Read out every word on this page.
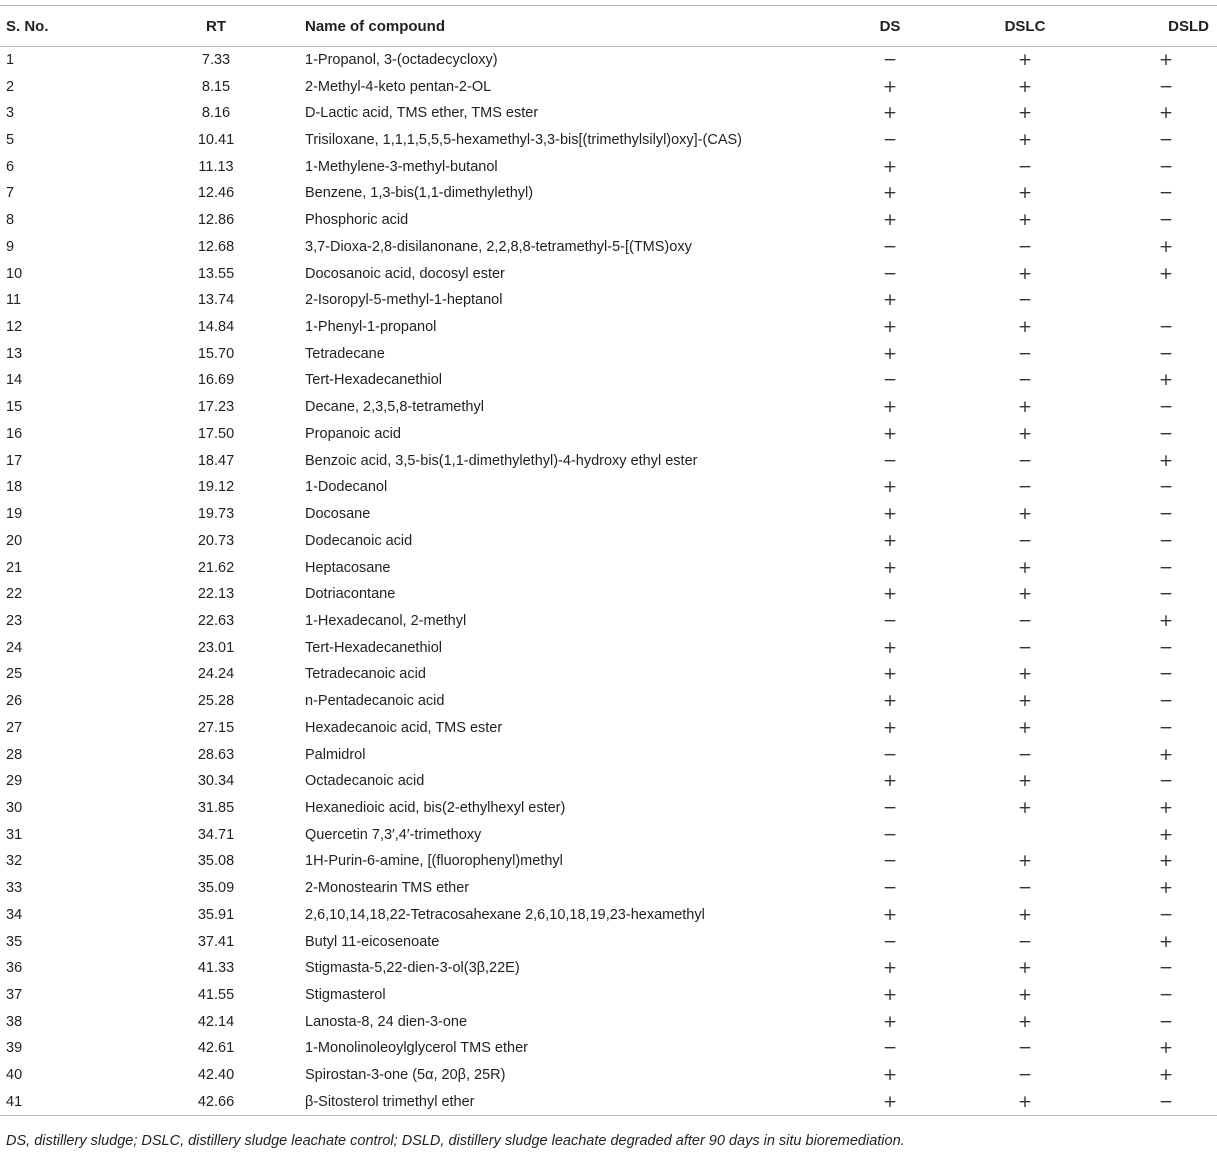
S. No.	RT	Name of compound	DS	DSLC	DSLD
1	7.33	1-Propanol, 3-(octadecycloxy)	−	+	+
2	8.15	2-Methyl-4-keto pentan-2-OL	+	+	−
3	8.16	D-Lactic acid, TMS ether, TMS ester	+	+	+
5	10.41	Trisiloxane, 1,1,1,5,5,5-hexamethyl-3,3-bis[(trimethylsilyl)oxy]-(CAS)	−	+	−
6	11.13	1-Methylene-3-methyl-butanol	+	−	−
7	12.46	Benzene, 1,3-bis(1,1-dimethylethyl)	+	+	−
8	12.86	Phosphoric acid	+	+	−
9	12.68	3,7-Dioxa-2,8-disilanonane, 2,2,8,8-tetramethyl-5-[(TMS)oxy	−	−	+
10	13.55	Docosanoic acid, docosyl ester	−	+	+
11	13.74	2-Isoropyl-5-methyl-1-heptanol	+	−	
12	14.84	1-Phenyl-1-propanol	+	+	−
13	15.70	Tetradecane	+	−	−
14	16.69	Tert-Hexadecanethiol	−	−	+
15	17.23	Decane, 2,3,5,8-tetramethyl	+	+	−
16	17.50	Propanoic acid	+	+	−
17	18.47	Benzoic acid, 3,5-bis(1,1-dimethylethyl)-4-hydroxy ethyl ester	−	−	+
18	19.12	1-Dodecanol	+	−	−
19	19.73	Docosane	+	+	−
20	20.73	Dodecanoic acid	+	−	−
21	21.62	Heptacosane	+	+	−
22	22.13	Dotriacontane	+	+	−
23	22.63	1-Hexadecanol, 2-methyl	−	−	+
24	23.01	Tert-Hexadecanethiol	+	−	−
25	24.24	Tetradecanoic acid	+	+	−
26	25.28	n-Pentadecanoic acid	+	+	−
27	27.15	Hexadecanoic acid, TMS ester	+	+	−
28	28.63	Palmidrol	−	−	+
29	30.34	Octadecanoic acid	+	+	−
30	31.85	Hexanedioic acid, bis(2-ethylhexyl ester)	−	+	+
31	34.71	Quercetin 7,3′,4′-trimethoxy	−		+
32	35.08	1H-Purin-6-amine, [(fluorophenyl)methyl	−	+	+
33	35.09	2-Monostearin TMS ether	−	−	+
34	35.91	2,6,10,14,18,22-Tetracosahexane 2,6,10,18,19,23-hexamethyl	+	+	−
35	37.41	Butyl 11-eicosenoate	−	−	+
36	41.33	Stigmasta-5,22-dien-3-ol(3β,22E)	+	+	−
37	41.55	Stigmasterol	+	+	−
38	42.14	Lanosta-8, 24 dien-3-one	+	+	−
39	42.61	1-Monolinoleoylglycerol TMS ether	−	−	+
40	42.40	Spirostan-3-one (5α, 20β, 25R)	+	−	+
41	42.66	β-Sitosterol trimethyl ether	+	+	−
DS, distillery sludge; DSLC, distillery sludge leachate control; DSLD, distillery sludge leachate degraded after 90 days in situ bioremediation.
